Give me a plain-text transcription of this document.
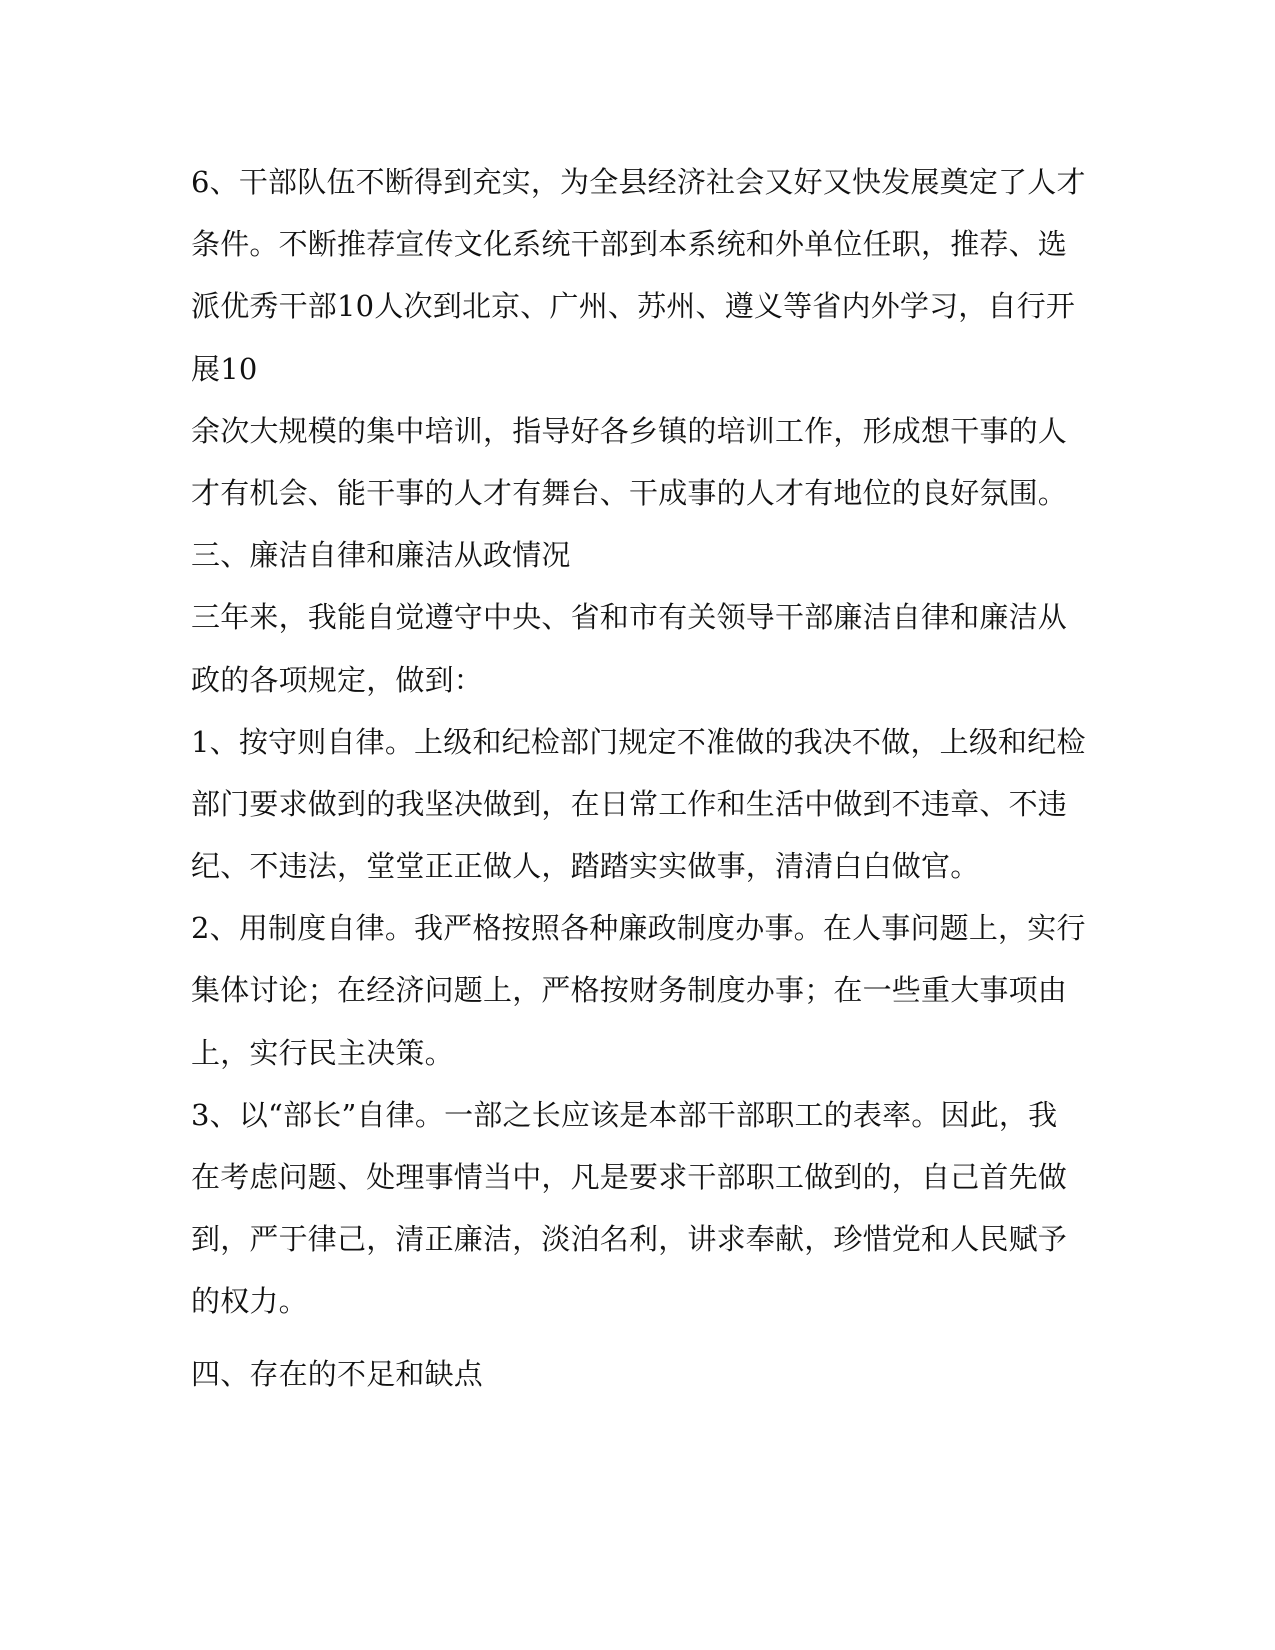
6、干部队伍不断得到充实，为全县经济社会又好又快发展奠定了人才
条件。不断推荐宣传文化系统干部到本系统和外单位任职，推荐、选
派优秀干部10人次到北京、广州、苏州、遵义等省内外学习，自行开
展10
余次大规模的集中培训，指导好各乡镇的培训工作，形成想干事的人
才有机会、能干事的人才有舞台、干成事的人才有地位的良好氛围。
三、廉洁自律和廉洁从政情况
三年来，我能自觉遵守中央、省和市有关领导干部廉洁自律和廉洁从
政的各项规定，做到：
1、按守则自律。上级和纪检部门规定不准做的我决不做，上级和纪检
部门要求做到的我坚决做到，在日常工作和生活中做到不违章、不违
纪、不违法，堂堂正正做人，踏踏实实做事，清清白白做官。
2、用制度自律。我严格按照各种廉政制度办事。在人事问题上，实行
集体讨论；在经济问题上，严格按财务制度办事；在一些重大事项由
上，实行民主决策。
3、以“部长”自律。一部之长应该是本部干部职工的表率。因此，我
在考虑问题、处理事情当中，凡是要求干部职工做到的，自己首先做
到，严于律己，清正廉洁，淡泊名利，讲求奉献，珍惜党和人民赋予
的权力。
四、存在的不足和缺点
